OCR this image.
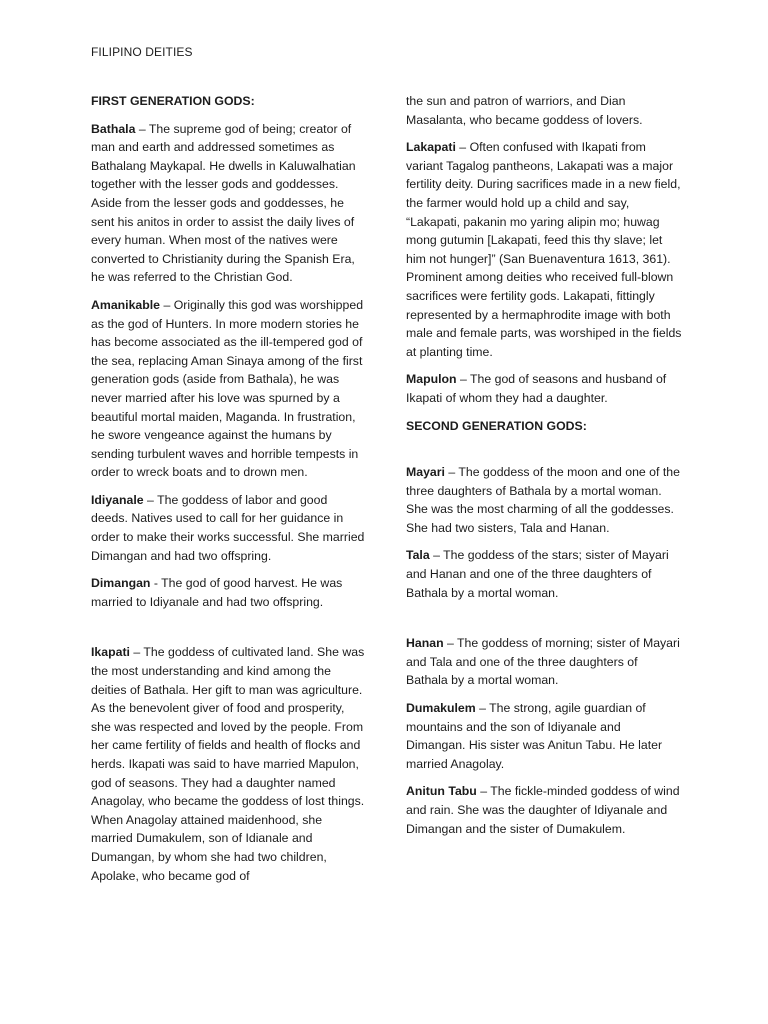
FILIPINO DEITIES

FIRST GENERATION GODS:

Bathala – The supreme god of being; creator of man and earth and addressed sometimes as Bathalang Maykapal. He dwells in Kaluwalhatian together with the lesser gods and goddesses. Aside from the lesser gods and goddesses, he sent his anitos in order to assist the daily lives of every human. When most of the natives were converted to Christianity during the Spanish Era, he was referred to the Christian God.

Amanikable – Originally this god was worshipped as the god of Hunters. In more modern stories he has become associated as the ill-tempered god of the sea, replacing Aman Sinaya among of the first generation gods (aside from Bathala), he was never married after his love was spurned by a beautiful mortal maiden, Maganda. In frustration, he swore vengeance against the humans by sending turbulent waves and horrible tempests in order to wreck boats and to drown men.

Idiyanale – The goddess of labor and good deeds. Natives used to call for her guidance in order to make their works successful. She married Dimangan and had two offspring.

Dimangan - The god of good harvest. He was married to Idiyanale and had two offspring.

Ikapati – The goddess of cultivated land. She was the most understanding and kind among the deities of Bathala. Her gift to man was agriculture. As the benevolent giver of food and prosperity, she was respected and loved by the people. From her came fertility of fields and health of flocks and herds. Ikapati was said to have married Mapulon, god of seasons. They had a daughter named Anagolay, who became the goddess of lost things. When Anagolay attained maidenhood, she married Dumakulem, son of Idianale and Dumangan, by whom she had two children, Apolake, who became god of

the sun and patron of warriors, and Dian Masalanta, who became goddess of lovers.

Lakapati – Often confused with Ikapati from variant Tagalog pantheons, Lakapati was a major fertility deity. During sacrifices made in a new field, the farmer would hold up a child and say, “Lakapati, pakanin mo yaring alipin mo; huwag mong gutumin [Lakapati, feed this thy slave; let him not hunger]” (San Buenaventura 1613, 361). Prominent among deities who received full-blown sacrifices were fertility gods. Lakapati, fittingly represented by a hermaphrodite image with both male and female parts, was worshiped in the fields at planting time.

Mapulon – The god of seasons and husband of Ikapati of whom they had a daughter.

SECOND GENERATION GODS:

Mayari – The goddess of the moon and one of the three daughters of Bathala by a mortal woman. She was the most charming of all the goddesses. She had two sisters, Tala and Hanan.

Tala – The goddess of the stars; sister of Mayari and Hanan and one of the three daughters of Bathala by a mortal woman.

Hanan – The goddess of morning; sister of Mayari and Tala and one of the three daughters of Bathala by a mortal woman.

Dumakulem – The strong, agile guardian of mountains and the son of Idiyanale and Dimangan. His sister was Anitun Tabu. He later married Anagolay.

Anitun Tabu – The fickle-minded goddess of wind and rain. She was the daughter of Idiyanale and Dimangan and the sister of Dumakulem.
